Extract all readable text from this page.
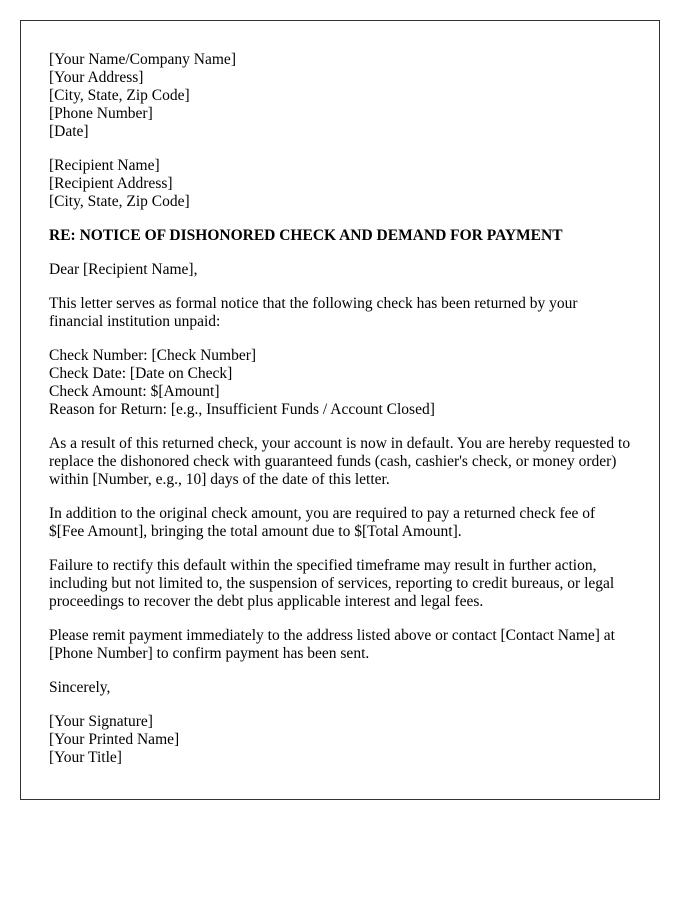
[Your Name/Company Name]
[Your Address]
[City, State, Zip Code]
[Phone Number]
[Date]
[Recipient Name]
[Recipient Address]
[City, State, Zip Code]
RE: NOTICE OF DISHONORED CHECK AND DEMAND FOR PAYMENT

Dear [Recipient Name],

This letter serves as formal notice that the following check has been returned by your financial institution unpaid:

Check Number: [Check Number]
Check Date: [Date on Check]
Check Amount: $[Amount]
Reason for Return: [e.g., Insufficient Funds / Account Closed]

As a result of this returned check, your account is now in default. You are hereby requested to replace the dishonored check with guaranteed funds (cash, cashier's check, or money order) within [Number, e.g., 10] days of the date of this letter.

In addition to the original check amount, you are required to pay a returned check fee of $[Fee Amount], bringing the total amount due to $[Total Amount].

Failure to rectify this default within the specified timeframe may result in further action, including but not limited to, the suspension of services, reporting to credit bureaus, or legal proceedings to recover the debt plus applicable interest and legal fees.

Please remit payment immediately to the address listed above or contact [Contact Name] at [Phone Number] to confirm payment has been sent.

Sincerely,

[Your Signature]
[Your Printed Name]
[Your Title]
